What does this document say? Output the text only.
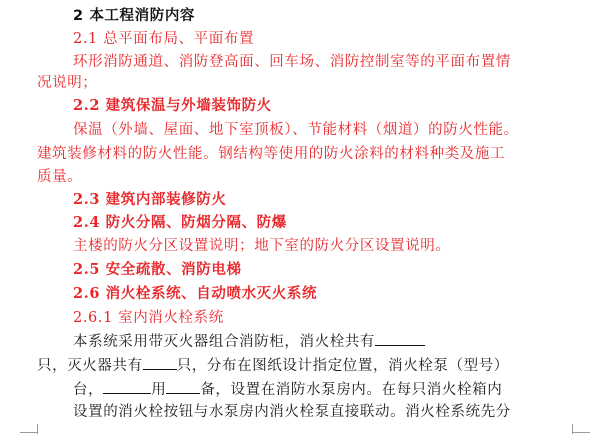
2 本工程消防内容
2.1 总平面布局、平面布置
环形消防通道、消防登高面、回车场、消防控制室等的平面布置情
况说明；
2.2 建筑保温与外墙装饰防火
保温（外墙、屋面、地下室顶板）、节能材料（烟道）的防火性能。
建筑装修材料的防火性能。钢结构等使用的防火涂料的材料种类及施工
质量。
2.3 建筑内部装修防火
2.4 防火分隔、防烟分隔、防爆
主楼的防火分区设置说明；地下室的防火分区设置说明。
2.5 安全疏散、消防电梯
2.6 消火栓系统、自动喷水灭火系统
2.6.1 室内消火栓系统
本系统采用带灭火器组合消防柜，消火栓共有
只，灭火器共有 只，分布在图纸设计指定位置，消火栓泵（型号）
台，	用 备，设置在消防水泵房内。在每只消火栓箱内
设置的消火栓按钮与水泵房内消火栓泵直接联动。消火栓系统先分
